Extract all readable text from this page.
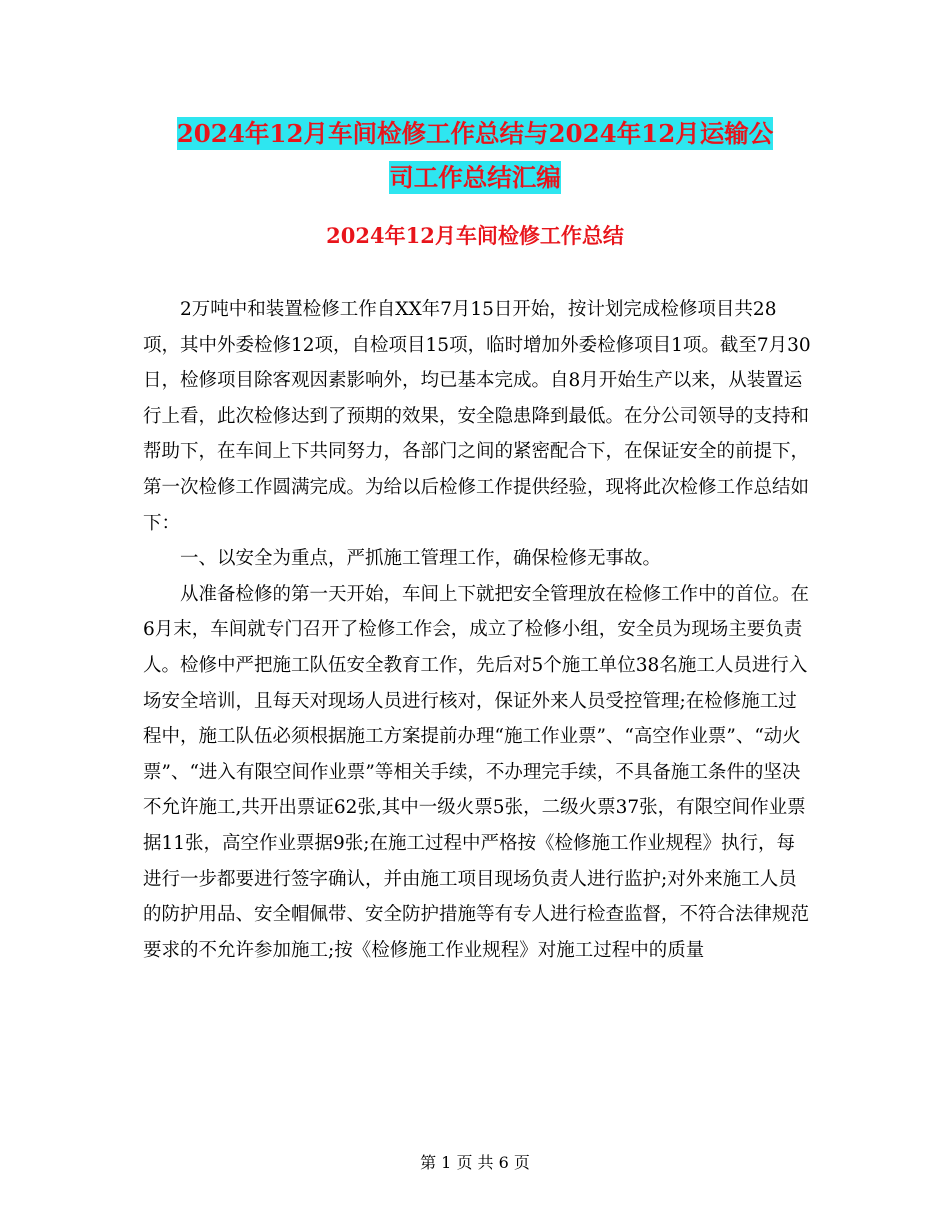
2024年12月车间检修工作总结与2024年12月运输公
司工作总结汇编
2024年12月车间检修工作总结

2万吨中和装置检修工作自XX年7月15日开始，按计划完成检修项目共28项，其中外委检修12项，自检项目15项，临时增加外委检修项目1项。截至7月30日，检修项目除客观因素影响外，均已基本完成。自8月开始生产以来，从装置运行上看，此次检修达到了预期的效果，安全隐患降到最低。在分公司领导的支持和帮助下，在车间上下共同努力，各部门之间的紧密配合下，在保证安全的前提下，第一次检修工作圆满完成。为给以后检修工作提供经验，现将此次检修工作总结如下：

一、以安全为重点，严抓施工管理工作，确保检修无事故。

从准备检修的第一天开始，车间上下就把安全管理放在检修工作中的首位。在6月末，车间就专门召开了检修工作会，成立了检修小组，安全员为现场主要负责人。检修中严把施工队伍安全教育工作，先后对5个施工单位38名施工人员进行入场安全培训，且每天对现场人员进行核对，保证外来人员受控管理;在检修施工过程中，施工队伍必须根据施工方案提前办理“施工作业票”、“高空作业票”、“动火票”、“进入有限空间作业票”等相关手续，不办理完手续，不具备施工条件的坚决不允许施工,共开出票证62张,其中一级火票5张，二级火票37张，有限空间作业票据11张，高空作业票据9张;在施工过程中严格按《检修施工作业规程》执行，每进行一步都要进行签字确认，并由施工项目现场负责人进行监护;对外来施工人员的防护用品、安全帽佩带、安全防护措施等有专人进行检查监督，不符合法律规范要求的不允许参加施工;按《检修施工作业规程》对施工过程中的质量

第 1 页 共 6 页
